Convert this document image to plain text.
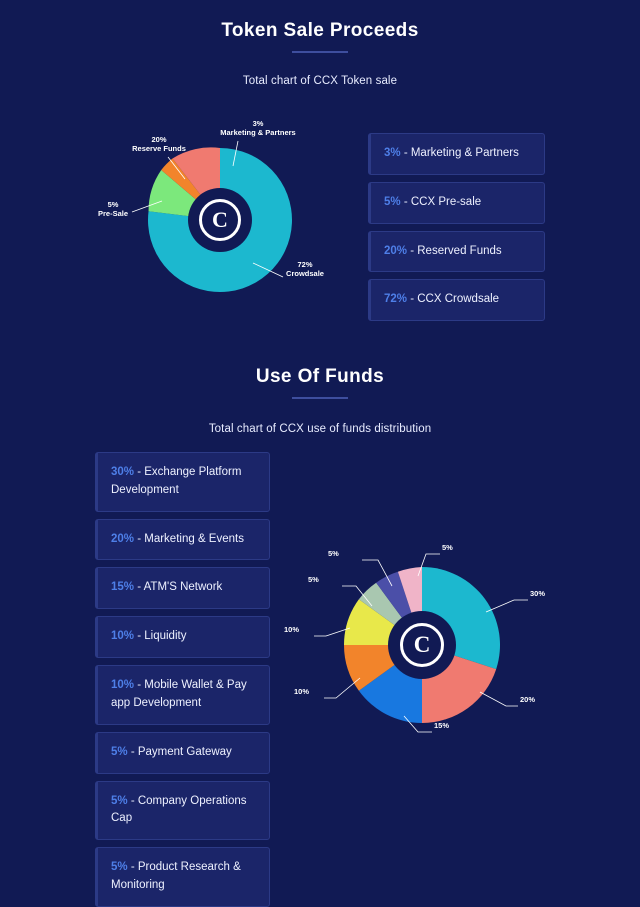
Token Sale Proceeds
Total chart of CCX Token sale
C
3%
Marketing & Partners
20%
Reserve Funds
5%
Pre-Sale
72%
Crowdsale
3% - Marketing & Partners
5% - CCX Pre-sale
20% - Reserved Funds
72% - CCX Crowdsale
Use Of Funds
Total chart of CCX use of funds distribution
30% - Exchange Platform Development
20% - Marketing & Events
15% - ATM'S Network
10% - Liquidity
10% - Mobile Wallet & Pay app Development
5% - Payment Gateway
5% - Company Operations Cap
5% - Product Research & Monitoring
C
5%
5%
5%
30%
20%
15%
10%
10%
